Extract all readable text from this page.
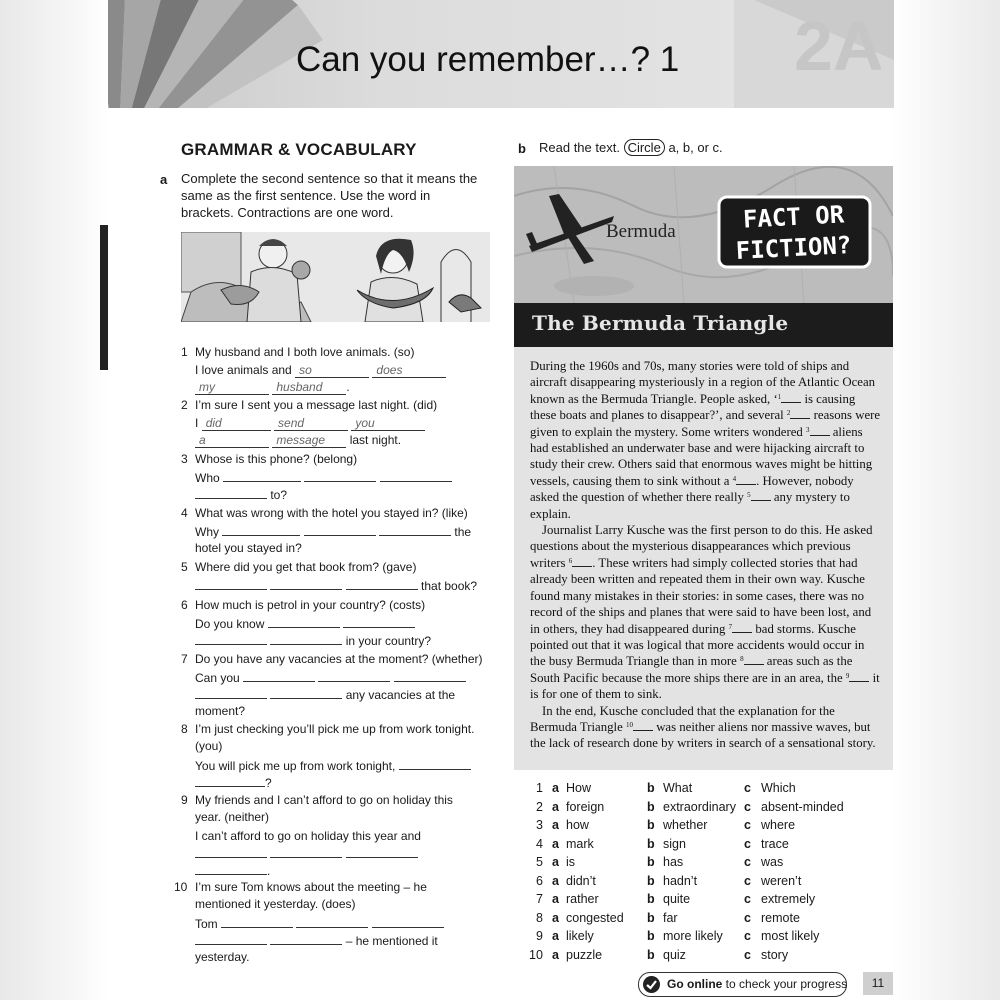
2A
Can you remember…? 1
GRAMMAR & VOCABULARY
a Complete the second sentence so that it means the same as the first sentence. Use the word in brackets. Contractions are one word.
1 My husband and I both love animals. (so)
I love animals and so	does
my	husband .
2 I’m sure I sent you a message last night. (did)
I did	send	you
a	message last night.
3 Whose is this phone? (belong)
Who
to?
4 What was wrong with the hotel you stayed in? (like)
Why	the
hotel you stayed in?
5 Where did you get that book from? (gave)
that book?
6 How much is petrol in your country? (costs)
Do you know
in your country?
7 Do you have any vacancies at the moment? (whether)
Can you
any vacancies at the
moment?
8 I’m just checking you’ll pick me up from work tonight.
(you)
You will pick me up from work tonight,
?
9 My friends and I can’t afford to go on holiday this
year. (neither)
I can’t afford to go on holiday this year and

.
10 I’m sure Tom knows about the meeting – he
mentioned it yesterday. (does)
Tom
– he mentioned it
yesterday.
b Read the text. Circle a, b, or c.
Bermuda	FACT OR
FICTION?
The Bermuda Triangle

During the 1960s and 70s, many stories were told of ships and aircraft disappearing mysteriously in a region of the Atlantic Ocean known as the Bermuda Triangle. People asked, ‘$^1$ is causing these boats and planes to disappear?’, and several $^2$ reasons were given to explain the mystery. Some writers wondered $^3$ aliens had established an underwater base and were hijacking aircraft to study their crew. Others said that enormous waves might be hitting vessels, causing them to sink without a $^4$ . However, nobody asked the question of whether there really $^5$ any mystery to explain.

Journalist Larry Kusche was the first person to do this. He asked questions about the mysterious disappearances which previous writers $^6$ . These writers had simply collected stories that had already been written and repeated them in their own way. Kusche found many mistakes in their stories: in some cases, there was no record of the ships and planes that were said to have been lost, and in others, they had disappeared during $^7$ bad storms. Kusche pointed out that it was logical that more accidents would occur in the busy Bermuda Triangle than in more $^8$ areas such as the South Pacific because the more ships there are in an area, the $^9$ it is for one of them to sink.

In the end, Kusche concluded that the explanation for the Bermuda Triangle $^{10}$ was neither aliens nor massive waves, but the lack of research done by writers in search of a sensational story.

1 a How	b What	c Which
2 a foreign	b extraordinary c absent-minded
3 a how	b whether	c where
4 a mark	b sign	c trace
5 a is	b has	c was
6 a didn’t	b hadn’t	c weren’t
7 a rather	b quite	c extremely
8 a congested b far	c remote
9 a likely	b more likely c most likely
10 a puzzle	b quiz	c story
Go online to check your progress	11
